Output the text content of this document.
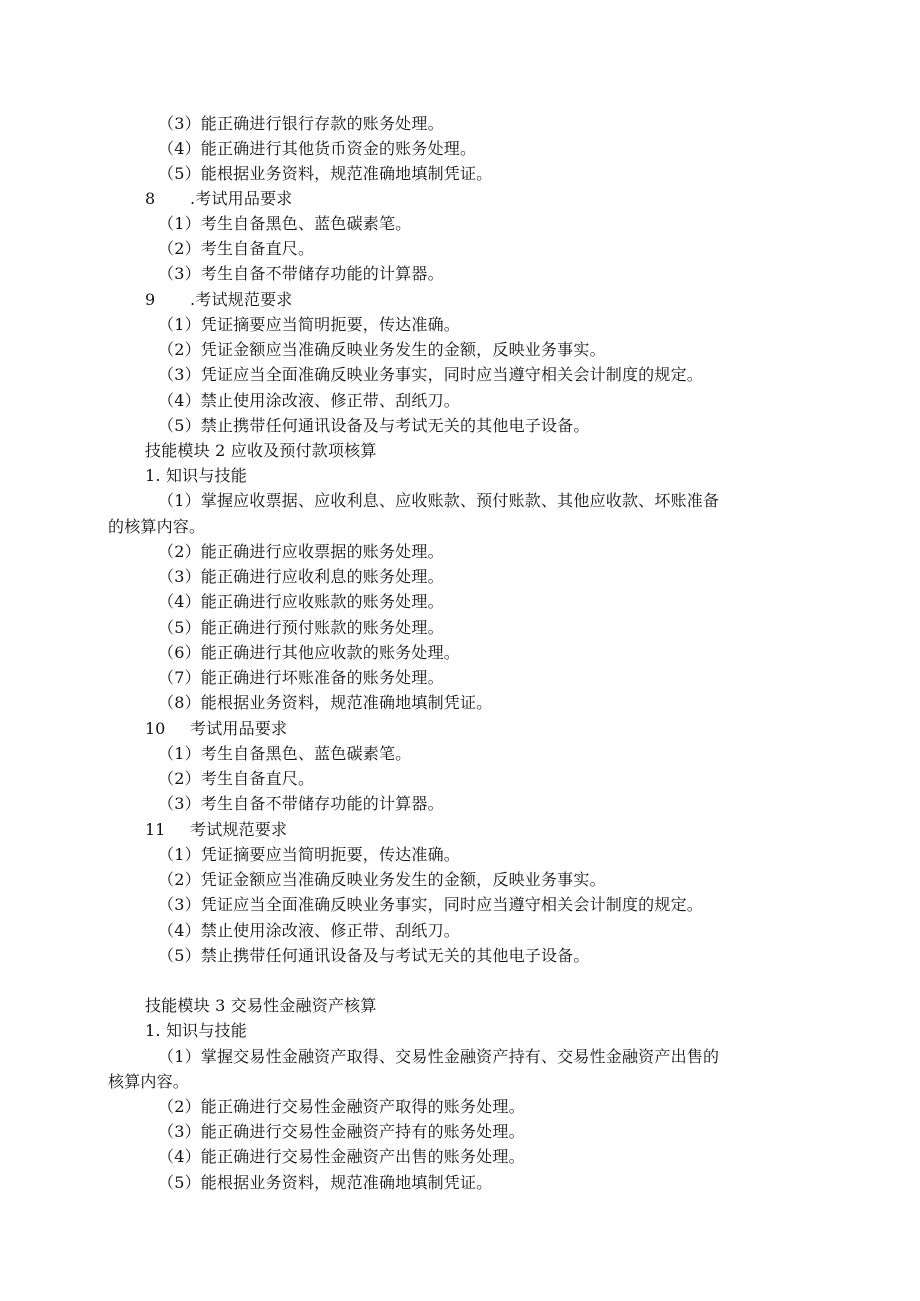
（3）能正确进行银行存款的账务处理。
（4）能正确进行其他货币资金的账务处理。
（5）能根据业务资料，规范准确地填制凭证。
8 .考试用品要求
（1）考生自备黑色、蓝色碳素笔。
（2）考生自备直尺。
（3）考生自备不带储存功能的计算器。
9 .考试规范要求
（1）凭证摘要应当简明扼要，传达准确。
（2）凭证金额应当准确反映业务发生的金额，反映业务事实。
（3）凭证应当全面准确反映业务事实，同时应当遵守相关会计制度的规定。
（4）禁止使用涂改液、修正带、刮纸刀。
（5）禁止携带任何通讯设备及与考试无关的其他电子设备。
技能模块 2 应收及预付款项核算
1. 知识与技能
（1）掌握应收票据、应收利息、应收账款、预付账款、其他应收款、坏账准备
的核算内容。
（2）能正确进行应收票据的账务处理。
（3）能正确进行应收利息的账务处理。
（4）能正确进行应收账款的账务处理。
（5）能正确进行预付账款的账务处理。
（6）能正确进行其他应收款的账务处理。
（7）能正确进行坏账准备的账务处理。
（8）能根据业务资料，规范准确地填制凭证。
10 考试用品要求
（1）考生自备黑色、蓝色碳素笔。
（2）考生自备直尺。
（3）考生自备不带储存功能的计算器。
11 考试规范要求
（1）凭证摘要应当简明扼要，传达准确。
（2）凭证金额应当准确反映业务发生的金额，反映业务事实。
（3）凭证应当全面准确反映业务事实，同时应当遵守相关会计制度的规定。
（4）禁止使用涂改液、修正带、刮纸刀。
（5）禁止携带任何通讯设备及与考试无关的其他电子设备。
技能模块 3 交易性金融资产核算
1. 知识与技能
（1）掌握交易性金融资产取得、交易性金融资产持有、交易性金融资产出售的
核算内容。
（2）能正确进行交易性金融资产取得的账务处理。
（3）能正确进行交易性金融资产持有的账务处理。
（4）能正确进行交易性金融资产出售的账务处理。
（5）能根据业务资料，规范准确地填制凭证。
